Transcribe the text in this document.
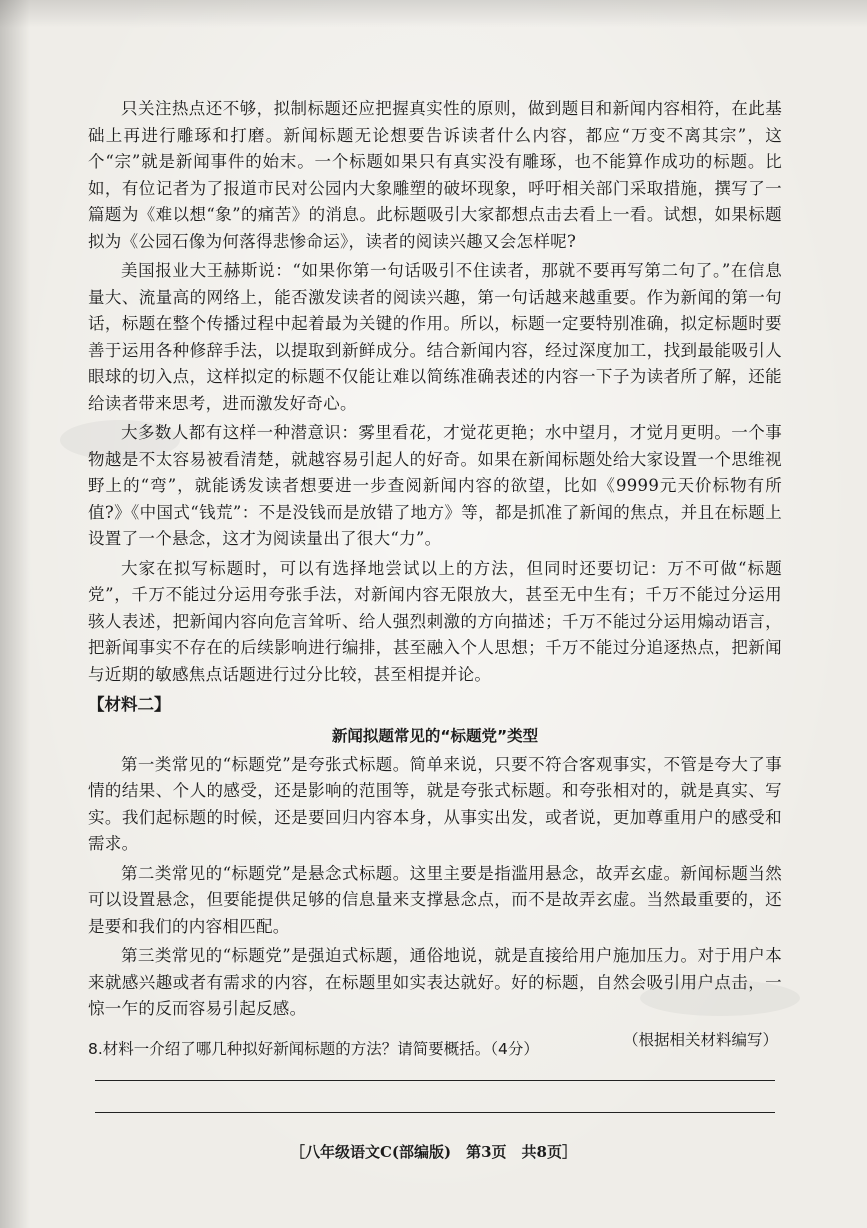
只关注热点还不够，拟制标题还应把握真实性的原则，做到题目和新闻内容相符，在此基础上再进行雕琢和打磨。新闻标题无论想要告诉读者什么内容，都应“万变不离其宗”，这个“宗”就是新闻事件的始末。一个标题如果只有真实没有雕琢，也不能算作成功的标题。比如，有位记者为了报道市民对公园内大象雕塑的破坏现象，呼吁相关部门采取措施，撰写了一篇题为《难以想“象”的痛苦》的消息。此标题吸引大家都想点击去看上一看。试想，如果标题拟为《公园石像为何落得悲惨命运》，读者的阅读兴趣又会怎样呢?

美国报业大王赫斯说：“如果你第一句话吸引不住读者，那就不要再写第二句了。”在信息量大、流量高的网络上，能否激发读者的阅读兴趣，第一句话越来越重要。作为新闻的第一句话，标题在整个传播过程中起着最为关键的作用。所以，标题一定要特别准确，拟定标题时要善于运用各种修辞手法，以提取到新鲜成分。结合新闻内容，经过深度加工，找到最能吸引人眼球的切入点，这样拟定的标题不仅能让难以简练准确表述的内容一下子为读者所了解，还能给读者带来思考，进而激发好奇心。

大多数人都有这样一种潜意识：雾里看花，才觉花更艳；水中望月，才觉月更明。一个事物越是不太容易被看清楚，就越容易引起人的好奇。如果在新闻标题处给大家设置一个思维视野上的“弯”，就能诱发读者想要进一步查阅新闻内容的欲望，比如《9999元天价标物有所值?》《中国式“钱荒”：不是没钱而是放错了地方》等，都是抓准了新闻的焦点，并且在标题上设置了一个悬念，这才为阅读量出了很大“力”。

大家在拟写标题时，可以有选择地尝试以上的方法，但同时还要切记：万不可做“标题党”，千万不能过分运用夸张手法，对新闻内容无限放大，甚至无中生有；千万不能过分运用骇人表述，把新闻内容向危言耸听、给人强烈刺激的方向描述；千万不能过分运用煽动语言，把新闻事实不存在的后续影响进行编排，甚至融入个人思想；千万不能过分追逐热点，把新闻与近期的敏感焦点话题进行过分比较，甚至相提并论。

【材料二】
新闻拟题常见的“标题党”类型

第一类常见的“标题党”是夸张式标题。简单来说，只要不符合客观事实，不管是夸大了事情的结果、个人的感受，还是影响的范围等，就是夸张式标题。和夸张相对的，就是真实、写实。我们起标题的时候，还是要回归内容本身，从事实出发，或者说，更加尊重用户的感受和需求。

第二类常见的“标题党”是悬念式标题。这里主要是指滥用悬念，故弄玄虚。新闻标题当然可以设置悬念，但要能提供足够的信息量来支撑悬念点，而不是故弄玄虚。当然最重要的，还是要和我们的内容相匹配。

第三类常见的“标题党”是强迫式标题，通俗地说，就是直接给用户施加压力。对于用户本来就感兴趣或者有需求的内容，在标题里如实表达就好。好的标题，自然会吸引用户点击，一惊一乍的反而容易引起反感。

（根据相关材料编写）
8.材料一介绍了哪几种拟好新闻标题的方法？请简要概括。（4分）
［八年级语文C(部编版)　第3页　共8页］
